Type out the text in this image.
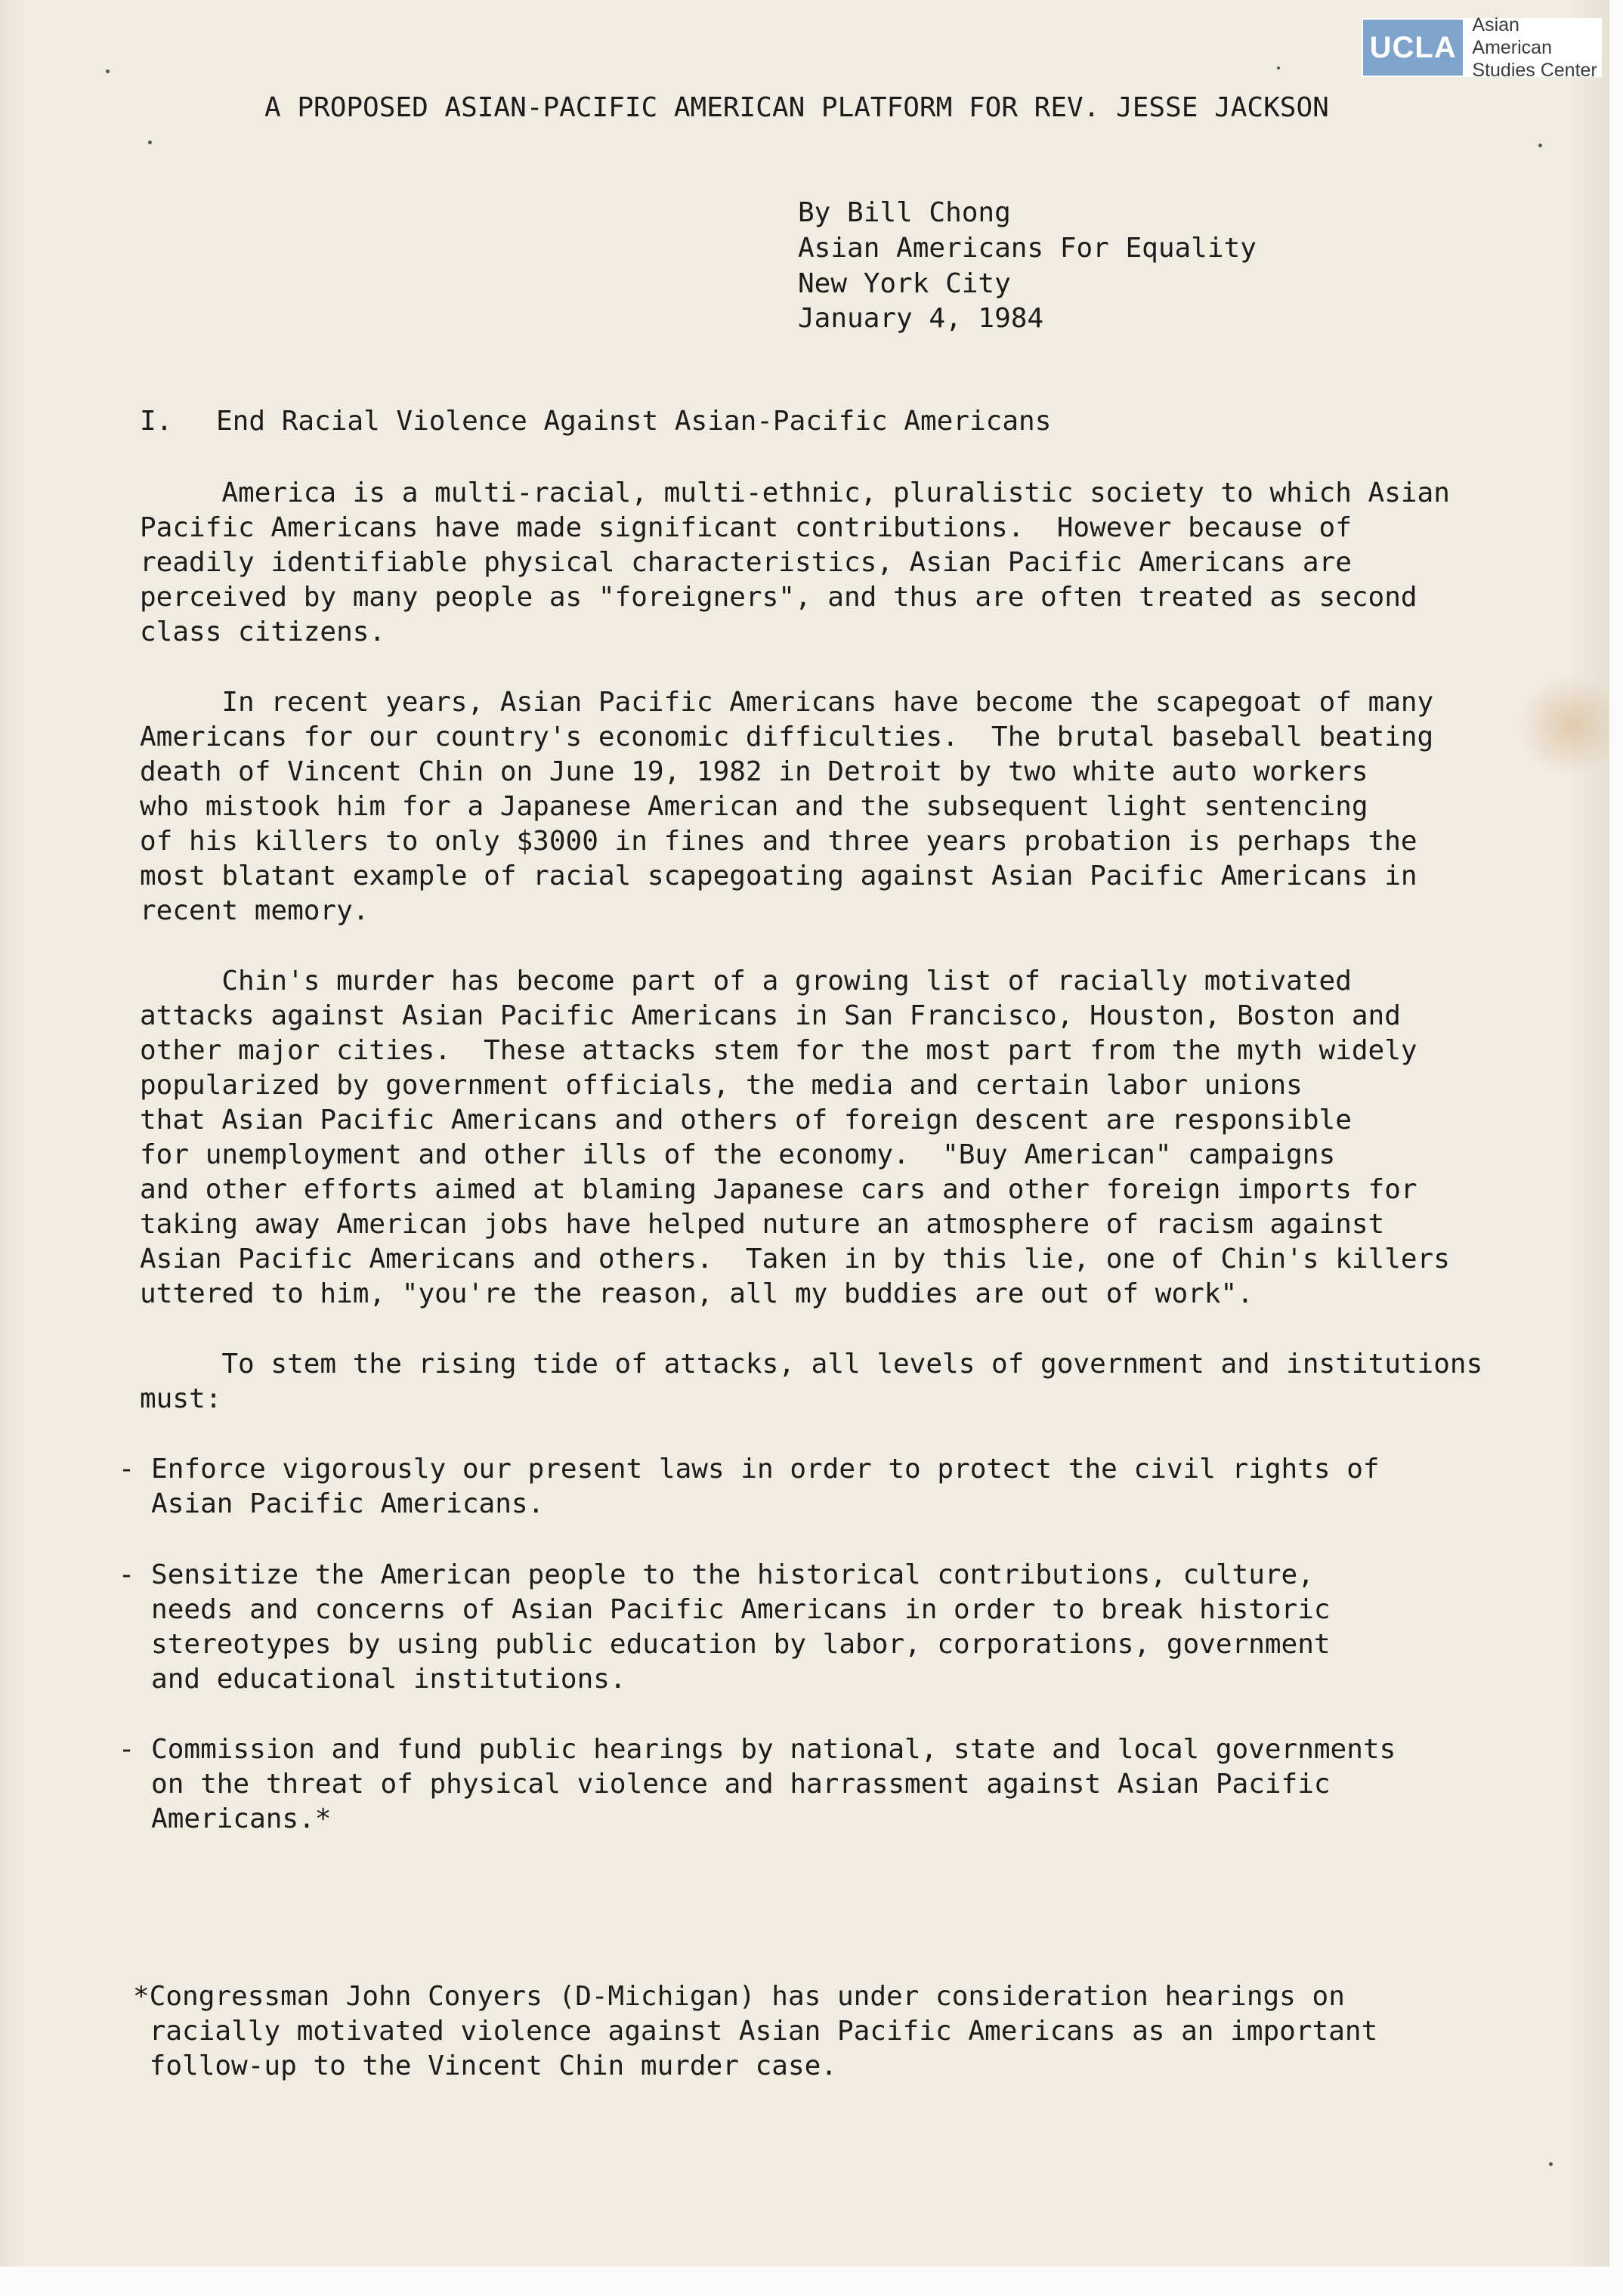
UCLA
Asian American
Studies Center
A PROPOSED ASIAN-PACIFIC AMERICAN PLATFORM FOR REV. JESSE JACKSON
By Bill Chong
Asian Americans For Equality
New York City
January 4, 1984
I. End Racial Violence Against Asian-Pacific Americans
America is a multi-racial, multi-ethnic, pluralistic society to which Asian
Pacific Americans have made significant contributions.  However because of
readily identifiable physical characteristics, Asian Pacific Americans are
perceived by many people as "foreigners", and thus are often treated as second
class citizens.
In recent years, Asian Pacific Americans have become the scapegoat of many
Americans for our country's economic difficulties.  The brutal baseball beating
death of Vincent Chin on June 19, 1982 in Detroit by two white auto workers
who mistook him for a Japanese American and the subsequent light sentencing
of his killers to only $3000 in fines and three years probation is perhaps the
most blatant example of racial scapegoating against Asian Pacific Americans in
recent memory.
Chin's murder has become part of a growing list of racially motivated
attacks against Asian Pacific Americans in San Francisco, Houston, Boston and
other major cities.  These attacks stem for the most part from the myth widely
popularized by government officials, the media and certain labor unions
that Asian Pacific Americans and others of foreign descent are responsible
for unemployment and other ills of the economy.  "Buy American" campaigns
and other efforts aimed at blaming Japanese cars and other foreign imports for
taking away American jobs have helped nuture an atmosphere of racism against
Asian Pacific Americans and others.  Taken in by this lie, one of Chin's killers
uttered to him, "you're the reason, all my buddies are out of work".
To stem the rising tide of attacks, all levels of government and institutions
must:
- Enforce vigorously our present laws in order to protect the civil rights of
Asian Pacific Americans.
- Sensitize the American people to the historical contributions, culture,
needs and concerns of Asian Pacific Americans in order to break historic
stereotypes by using public education by labor, corporations, government
and educational institutions.
- Commission and fund public hearings by national, state and local governments
on the threat of physical violence and harrassment against Asian Pacific
Americans.*
*Congressman John Conyers (D-Michigan) has under consideration hearings on
racially motivated violence against Asian Pacific Americans as an important
follow-up to the Vincent Chin murder case.
